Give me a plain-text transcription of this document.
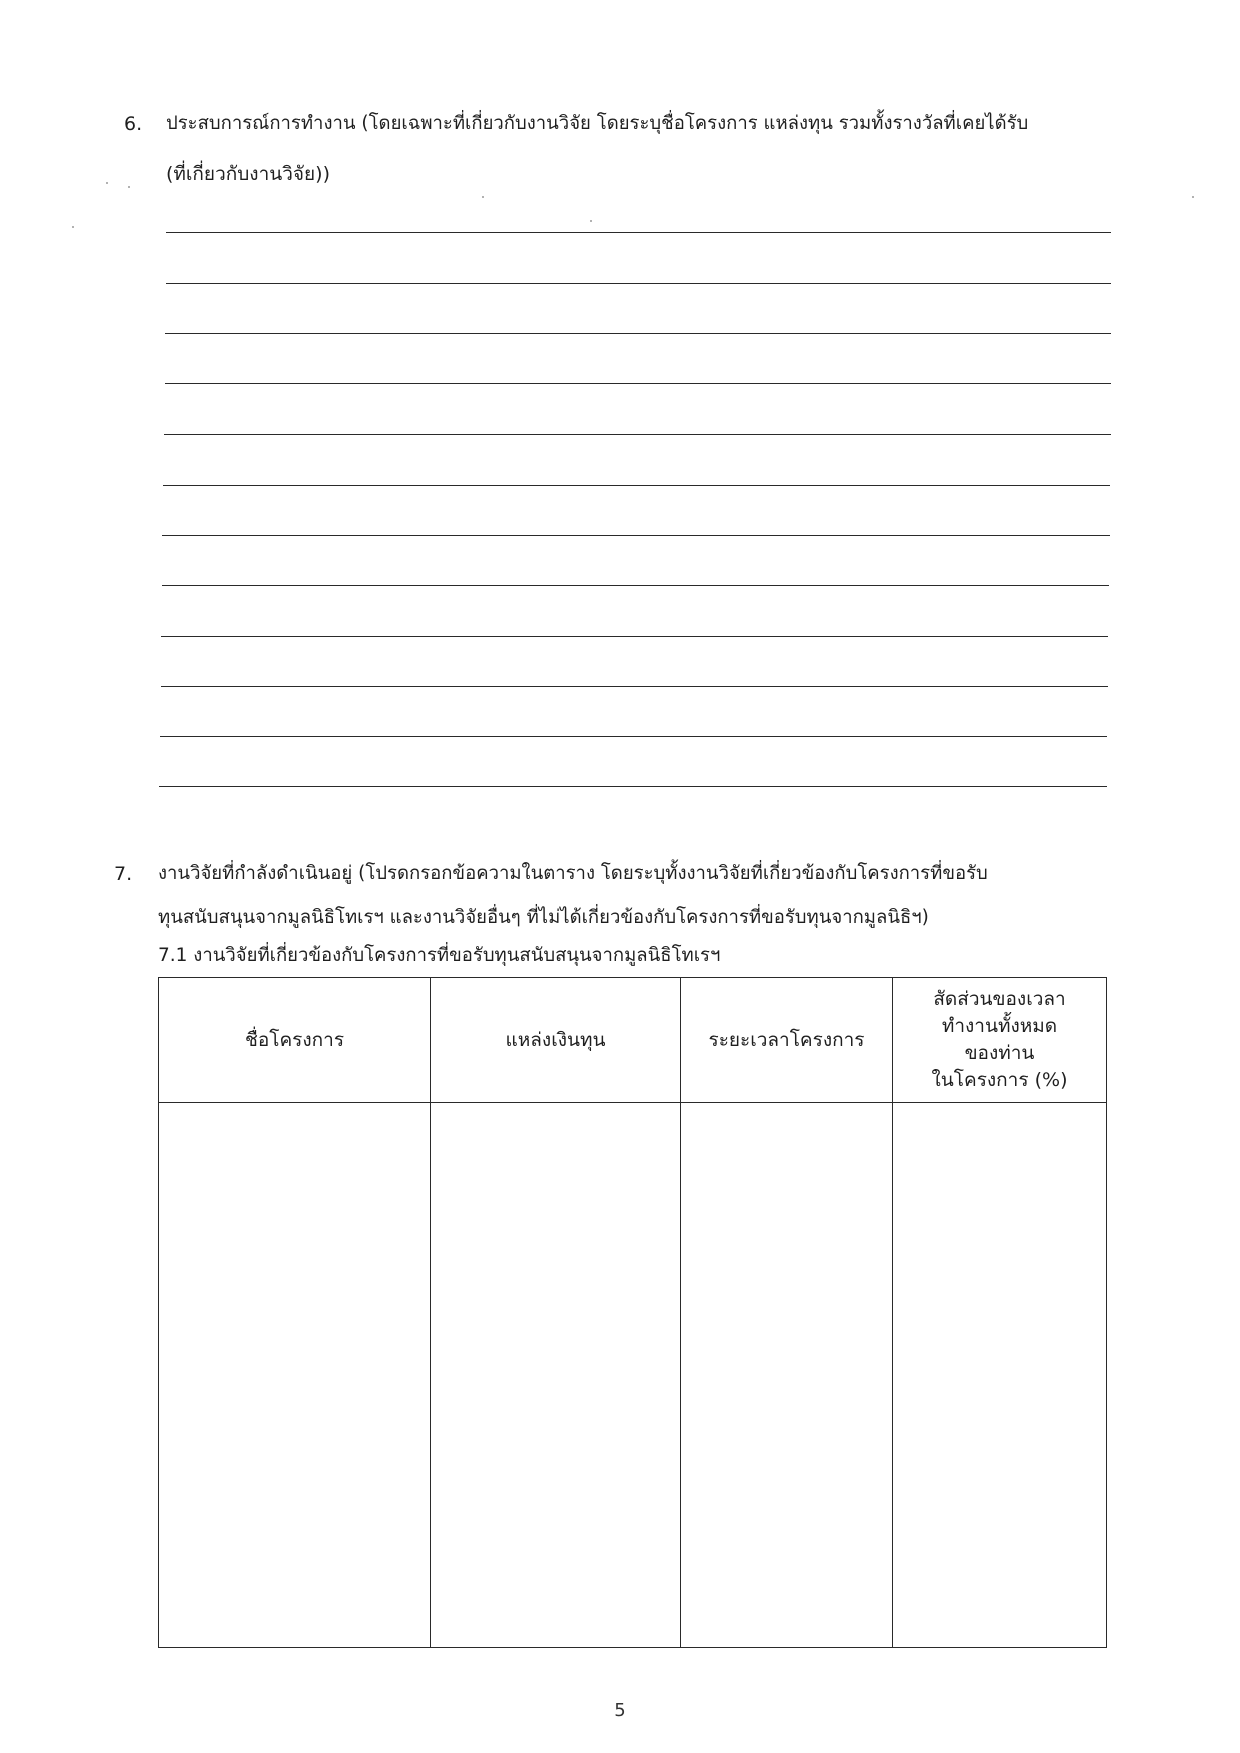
6. ประสบการณ์การทำงาน (โดยเฉพาะที่เกี่ยวกับงานวิจัย โดยระบุชื่อโครงการ แหล่งทุน รวมทั้งรางวัลที่เคยได้รับ
(ที่เกี่ยวกับงานวิจัย))
7. งานวิจัยที่กำลังดำเนินอยู่ (โปรดกรอกข้อความในตาราง โดยระบุทั้งงานวิจัยที่เกี่ยวข้องกับโครงการที่ขอรับ
ทุนสนับสนุนจากมูลนิธิโทเรฯ และงานวิจัยอื่นๆ ที่ไม่ได้เกี่ยวข้องกับโครงการที่ขอรับทุนจากมูลนิธิฯ)
7.1 งานวิจัยที่เกี่ยวข้องกับโครงการที่ขอรับทุนสนับสนุนจากมูลนิธิโทเรฯ
ชื่อโครงการ	แหล่งเงินทุน	ระยะเวลาโครงการ	สัดส่วนของเวลา
ทำงานทั้งหมด
ของท่าน
ในโครงการ (%)

5
